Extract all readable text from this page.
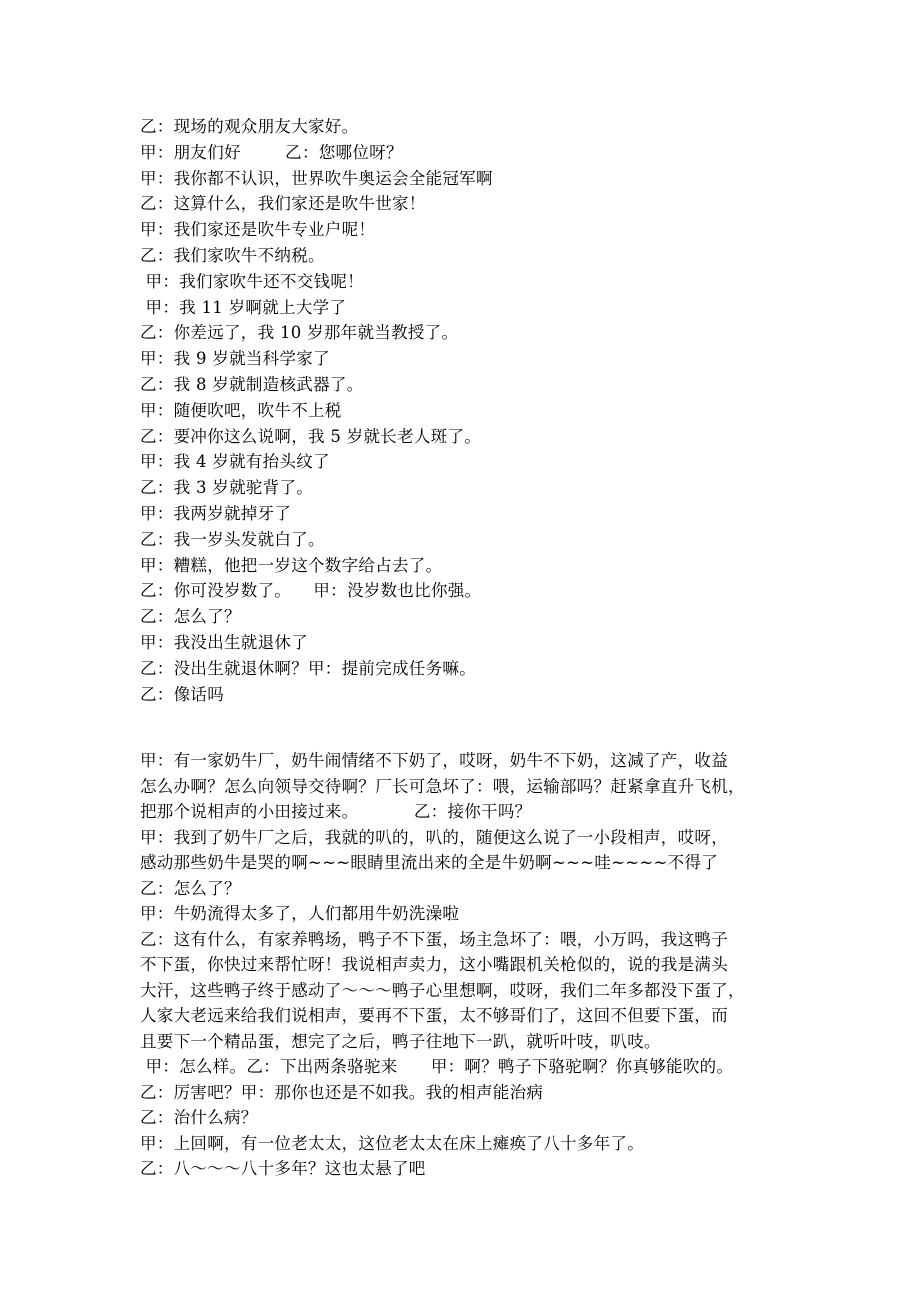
乙：现场的观众朋友大家好。
甲：朋友们好        乙：您哪位呀？
甲：我你都不认识，世界吹牛奥运会全能冠军啊
乙：这算什么，我们家还是吹牛世家！
甲：我们家还是吹牛专业户呢！
乙：我们家吹牛不纳税。
甲：我们家吹牛还不交钱呢！
甲：我 11 岁啊就上大学了
乙：你差远了，我 10 岁那年就当教授了。
甲：我 9 岁就当科学家了
乙：我 8 岁就制造核武器了。
甲：随便吹吧，吹牛不上税
乙：要冲你这么说啊，我 5 岁就长老人斑了。
甲：我 4 岁就有抬头纹了
乙：我 3 岁就驼背了。
甲：我两岁就掉牙了
乙：我一岁头发就白了。
甲：糟糕，他把一岁这个数字给占去了。
乙：你可没岁数了。    甲：没岁数也比你强。
乙：怎么了？
甲：我没出生就退休了
乙：没出生就退休啊？甲：提前完成任务嘛。
乙：像话吗
甲：有一家奶牛厂，奶牛闹情绪不下奶了，哎呀，奶牛不下奶，这减了产，收益
怎么办啊？怎么向领导交待啊？厂长可急坏了：喂，运输部吗？赶紧拿直升飞机，
把那个说相声的小田接过来。          乙：接你干吗？
甲：我到了奶牛厂之后，我就的叭的，叭的，随便这么说了一小段相声，哎呀，
感动那些奶牛是哭的啊~~~眼睛里流出来的全是牛奶啊~~~哇~~~~不得了
乙：怎么了？
甲：牛奶流得太多了，人们都用牛奶洗澡啦
乙：这有什么，有家养鸭场，鸭子不下蛋，场主急坏了：喂，小万吗，我这鸭子
不下蛋，你快过来帮忙呀！我说相声卖力，这小嘴跟机关枪似的，说的我是满头
大汗，这些鸭子终于感动了～～～鸭子心里想啊，哎呀，我们二年多都没下蛋了，
人家大老远来给我们说相声，要再不下蛋，太不够哥们了，这回不但要下蛋，而
且要下一个精品蛋，想完了之后，鸭子往地下一趴，就听叶吱，叭吱。
甲：怎么样。乙：下出两条骆驼来      甲：啊？鸭子下骆驼啊？你真够能吹的。
乙：厉害吧？甲：那你也还是不如我。我的相声能治病
乙：治什么病？
甲：上回啊，有一位老太太，这位老太太在床上瘫痪了八十多年了。
乙：八～～～八十多年？这也太悬了吧
